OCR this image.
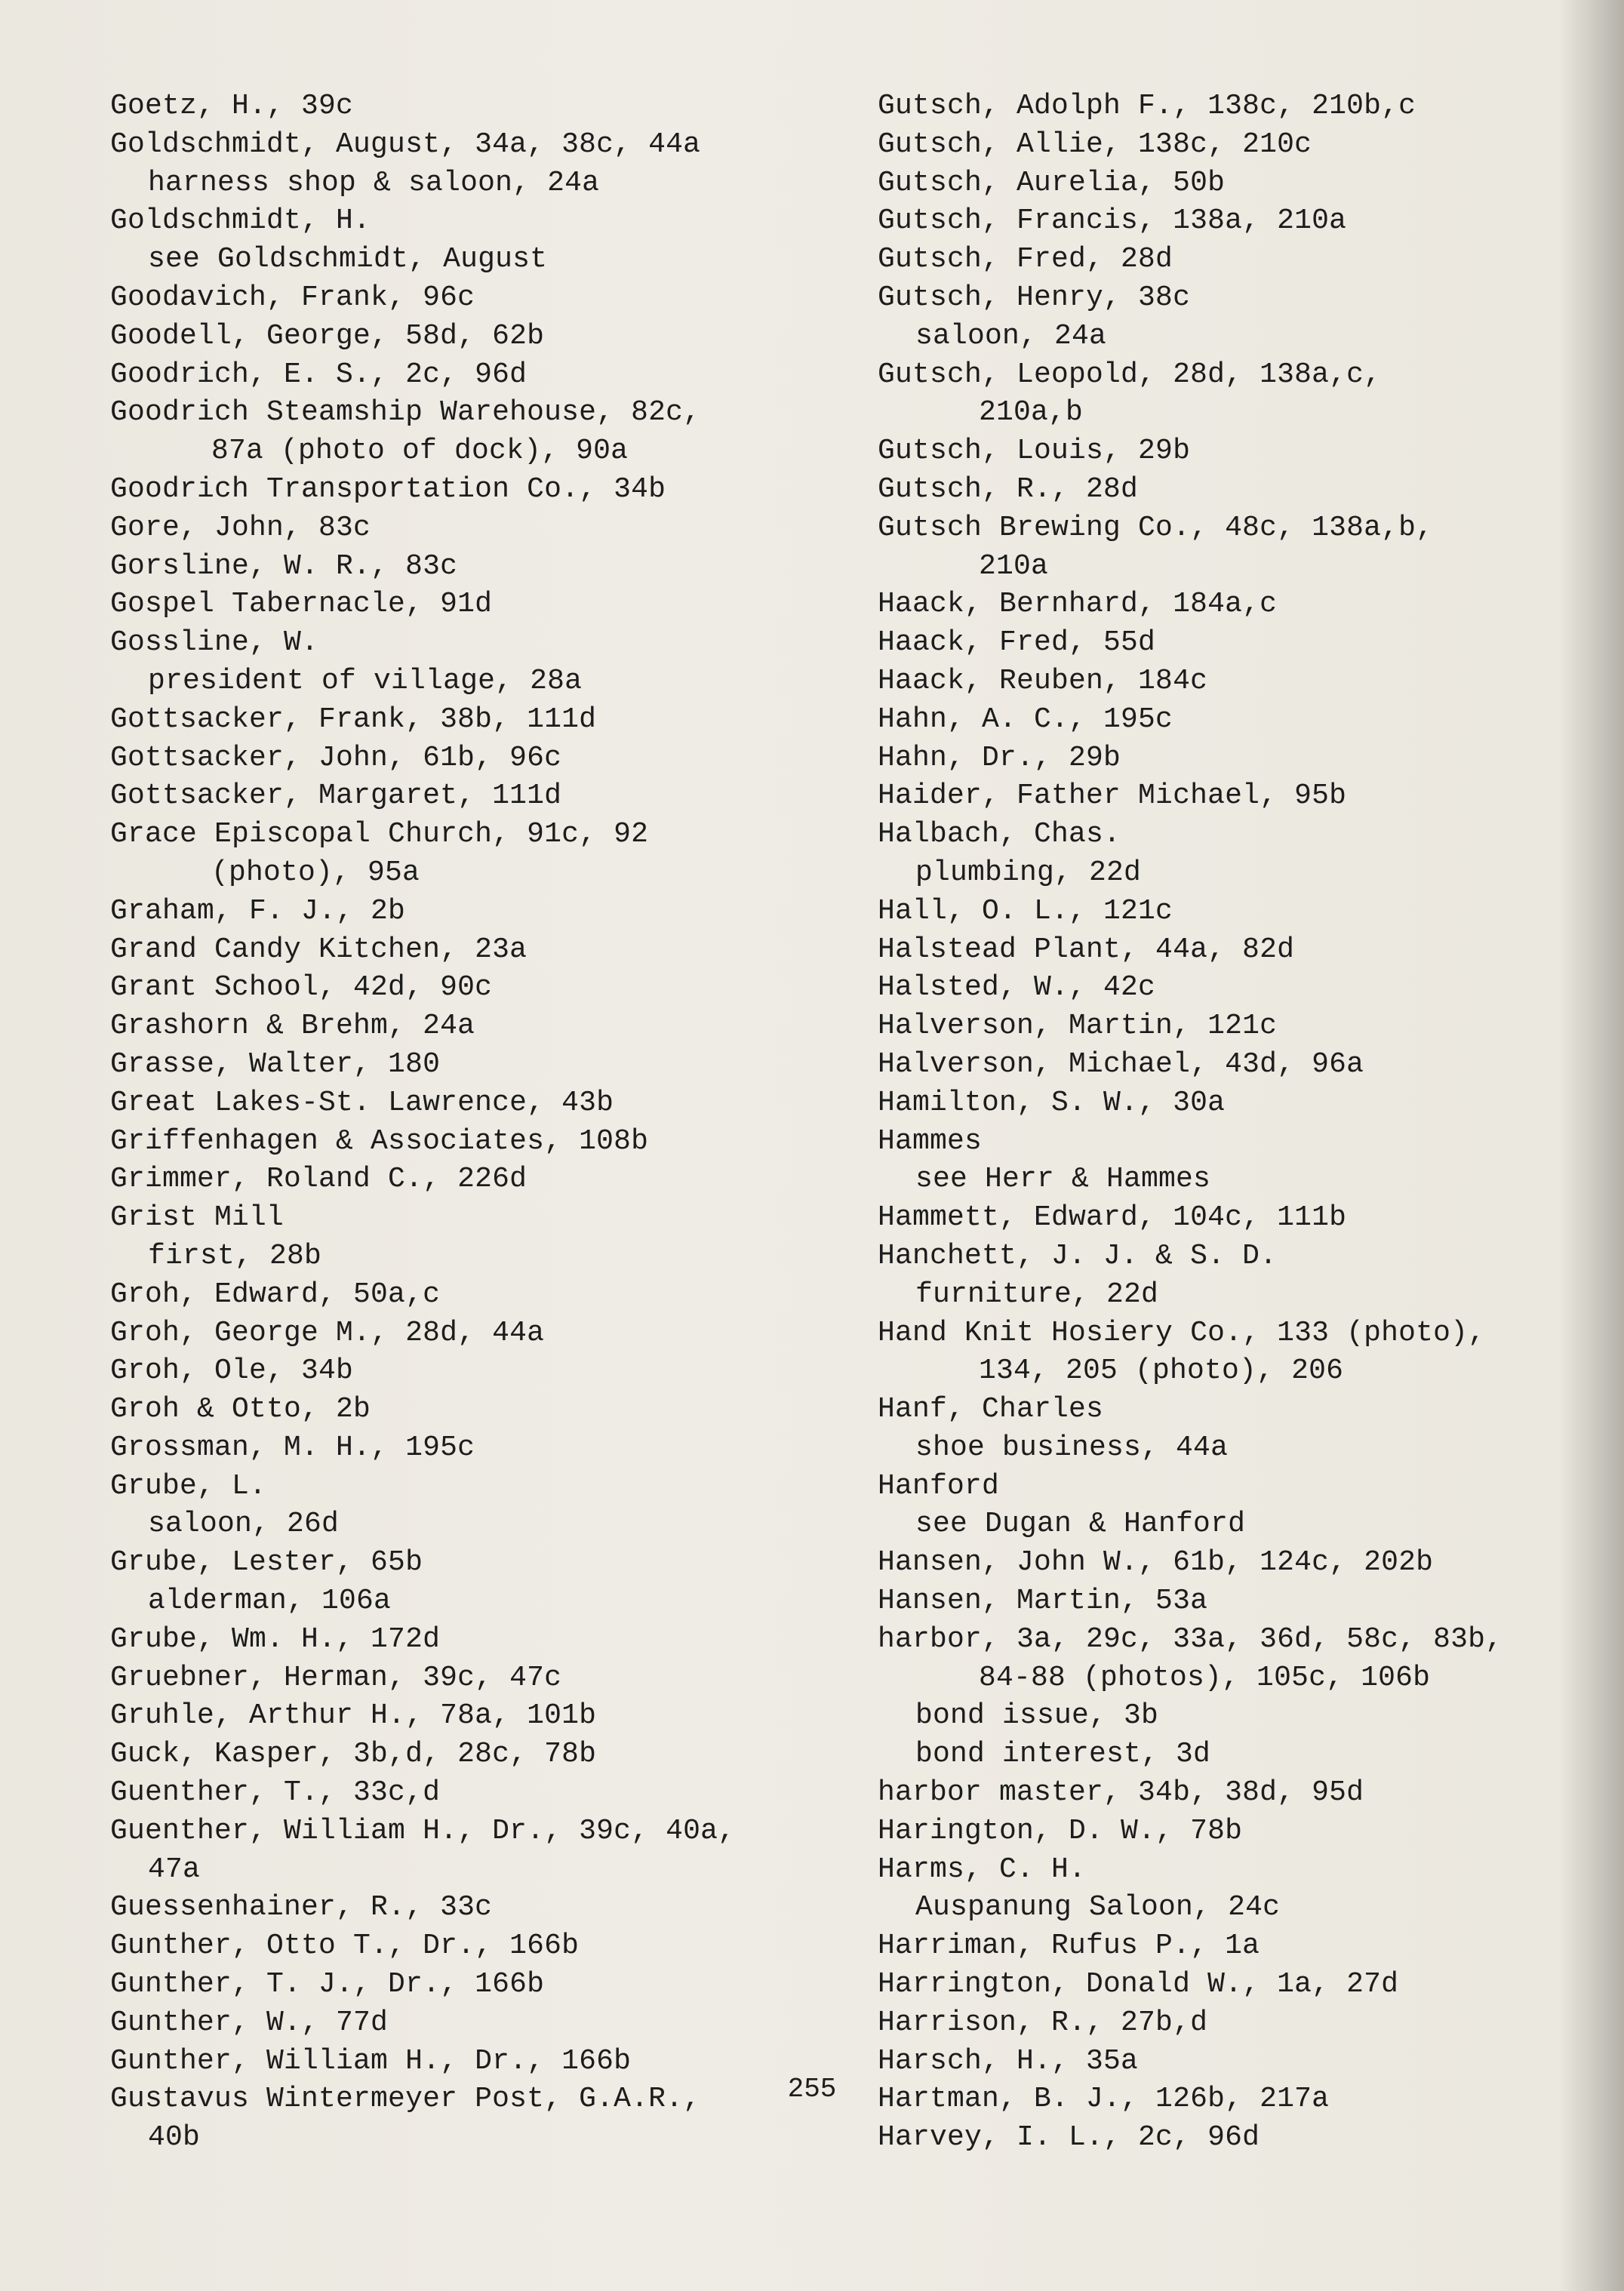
Goetz, H., 39c
Goldschmidt, August, 34a, 38c, 44a
harness shop & saloon, 24a
Goldschmidt, H.
see Goldschmidt, August
Goodavich, Frank, 96c
Goodell, George, 58d, 62b
Goodrich, E. S., 2c, 96d
Goodrich Steamship Warehouse, 82c,
87a (photo of dock), 90a
Goodrich Transportation Co., 34b
Gore, John, 83c
Gorsline, W. R., 83c
Gospel Tabernacle, 91d
Gossline, W.
president of village, 28a
Gottsacker, Frank, 38b, 111d
Gottsacker, John, 61b, 96c
Gottsacker, Margaret, 111d
Grace Episcopal Church, 91c, 92
(photo), 95a
Graham, F. J., 2b
Grand Candy Kitchen, 23a
Grant School, 42d, 90c
Grashorn & Brehm, 24a
Grasse, Walter, 180
Great Lakes-St. Lawrence, 43b
Griffenhagen & Associates, 108b
Grimmer, Roland C., 226d
Grist Mill
first, 28b
Groh, Edward, 50a,c
Groh, George M., 28d, 44a
Groh, Ole, 34b
Groh & Otto, 2b
Grossman, M. H., 195c
Grube, L.
saloon, 26d
Grube, Lester, 65b
alderman, 106a
Grube, Wm. H., 172d
Gruebner, Herman, 39c, 47c
Gruhle, Arthur H., 78a, 101b
Guck, Kasper, 3b,d, 28c, 78b
Guenther, T., 33c,d
Guenther, William H., Dr., 39c, 40a,
47a
Guessenhainer, R., 33c
Gunther, Otto T., Dr., 166b
Gunther, T. J., Dr., 166b
Gunther, W., 77d
Gunther, William H., Dr., 166b
Gustavus Wintermeyer Post, G.A.R.,
40b
Gutsch, Adolph F., 138c, 210b,c
Gutsch, Allie, 138c, 210c
Gutsch, Aurelia, 50b
Gutsch, Francis, 138a, 210a
Gutsch, Fred, 28d
Gutsch, Henry, 38c
saloon, 24a
Gutsch, Leopold, 28d, 138a,c,
210a,b
Gutsch, Louis, 29b
Gutsch, R., 28d
Gutsch Brewing Co., 48c, 138a,b,
210a
Haack, Bernhard, 184a,c
Haack, Fred, 55d
Haack, Reuben, 184c
Hahn, A. C., 195c
Hahn, Dr., 29b
Haider, Father Michael, 95b
Halbach, Chas.
plumbing, 22d
Hall, O. L., 121c
Halstead Plant, 44a, 82d
Halsted, W., 42c
Halverson, Martin, 121c
Halverson, Michael, 43d, 96a
Hamilton, S. W., 30a
Hammes
see Herr & Hammes
Hammett, Edward, 104c, 111b
Hanchett, J. J. & S. D.
furniture, 22d
Hand Knit Hosiery Co., 133 (photo),
134, 205 (photo), 206
Hanf, Charles
shoe business, 44a
Hanford
see Dugan & Hanford
Hansen, John W., 61b, 124c, 202b
Hansen, Martin, 53a
harbor, 3a, 29c, 33a, 36d, 58c, 83b,
84-88 (photos), 105c, 106b
bond issue, 3b
bond interest, 3d
harbor master, 34b, 38d, 95d
Harington, D. W., 78b
Harms, C. H.
Auspanung Saloon, 24c
Harriman, Rufus P., 1a
Harrington, Donald W., 1a, 27d
Harrison, R., 27b,d
Harsch, H., 35a
Hartman, B. J., 126b, 217a
Harvey, I. L., 2c, 96d
255
